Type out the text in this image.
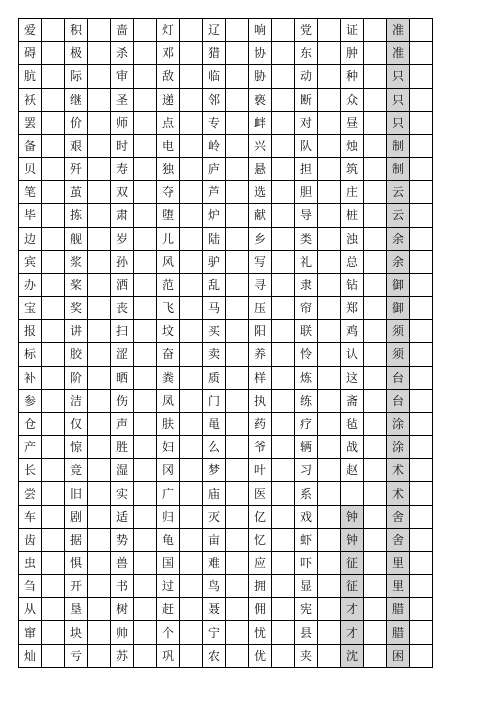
爱		积		啬		灯		辽		响		党		证		准	
碍		极		杀		邓		猎		协		东		肿		准	
肮		际		审		敌		临		胁		动		种		只	
袄		继		圣		递		邻		亵		断		众		只	
罢		价		师		点		专		衅		对		昼		只	
备		艰		时		电		岭		兴		队		烛		制	
贝		歼		寿		独		庐		悬		担		筑		制	
笔		茧		双		夺		芦		选		胆		庄		云	
毕		拣		肃		堕		炉		献		导		桩		云	
边		舰		岁		儿		陆		乡		类		浊		余	
宾		浆		孙		风		驴		写		礼		总		余	
办		桨		洒		范		乱		寻		隶		钻		御	
宝		奖		丧		飞		马		压		帘		郑		御	
报		讲		扫		坟		买		阳		联		鸡		须	
标		胶		涩		奋		卖		养		怜		认		须	
补		阶		晒		粪		质		样		炼		这		台	
参		洁		伤		凤		门		执		练		斋		台	
仓		仅		声		肤		黾		药		疗		毡		涂	
产		惊		胜		妇		么		爷		辆		战		涂	
长		竞		湿		冈		梦		叶		习		赵		术	
尝		旧		实		广		庙		医		系				术	
车		剧		适		归		灭		亿		戏		钟		舍	
齿		据		势		龟		亩		忆		虾		钟		舍	
虫		惧		兽		国		难		应		吓		征		里	
刍		开		书		过		鸟		拥		显		征		里	
从		垦		树		赶		聂		佣		宪		才		腊	
窜		块		帅		个		宁		忧		县		才		腊	
灿		亏		苏		巩		农		优		夹		沈		困	
